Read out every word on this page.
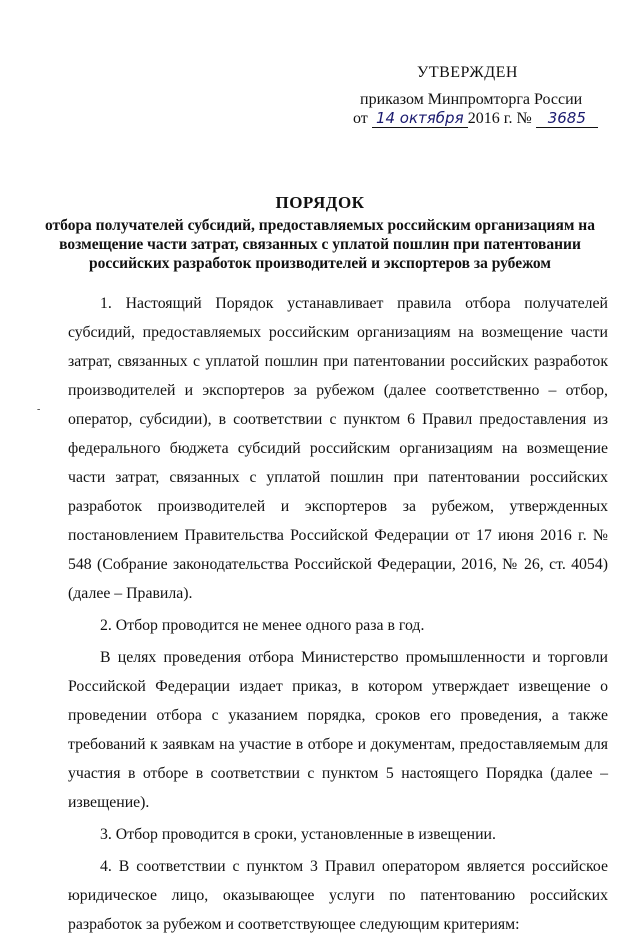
УТВЕРЖДЕН
приказом Минпромторга России
от 14 октября 2016 г. № 3685
ПОРЯДОК
отбора получателей субсидий, предоставляемых российским организациям на возмещение части затрат, связанных с уплатой пошлин при патентовании российских разработок производителей и экспортеров за рубежом
-

1. Настоящий Порядок устанавливает правила отбора получателей субсидий, предоставляемых российским организациям на возмещение части затрат, связанных с уплатой пошлин при патентовании российских разработок производителей и экспортеров за рубежом (далее соответственно – отбор, оператор, субсидии), в соответствии с пунктом 6 Правил предоставления из федерального бюджета субсидий российским организациям на возмещение части затрат, связанных с уплатой пошлин при патентовании российских разработок производителей и экспортеров за рубежом, утвержденных постановлением Правительства Российской Федерации от 17 июня 2016 г. № 548 (Собрание законодательства Российской Федерации, 2016, № 26, ст. 4054) (далее – Правила).

2. Отбор проводится не менее одного раза в год.

В целях проведения отбора Министерство промышленности и торговли Российской Федерации издает приказ, в котором утверждает извещение о проведении отбора с указанием порядка, сроков его проведения, а также требований к заявкам на участие в отборе и документам, предоставляемым для участия в отборе в соответствии с пунктом 5 настоящего Порядка (далее – извещение).

3. Отбор проводится в сроки, установленные в извещении.

4. В соответствии с пунктом 3 Правил оператором является российское юридическое лицо, оказывающее услуги по патентованию российских разработок за рубежом и соответствующее следующим критериям:
